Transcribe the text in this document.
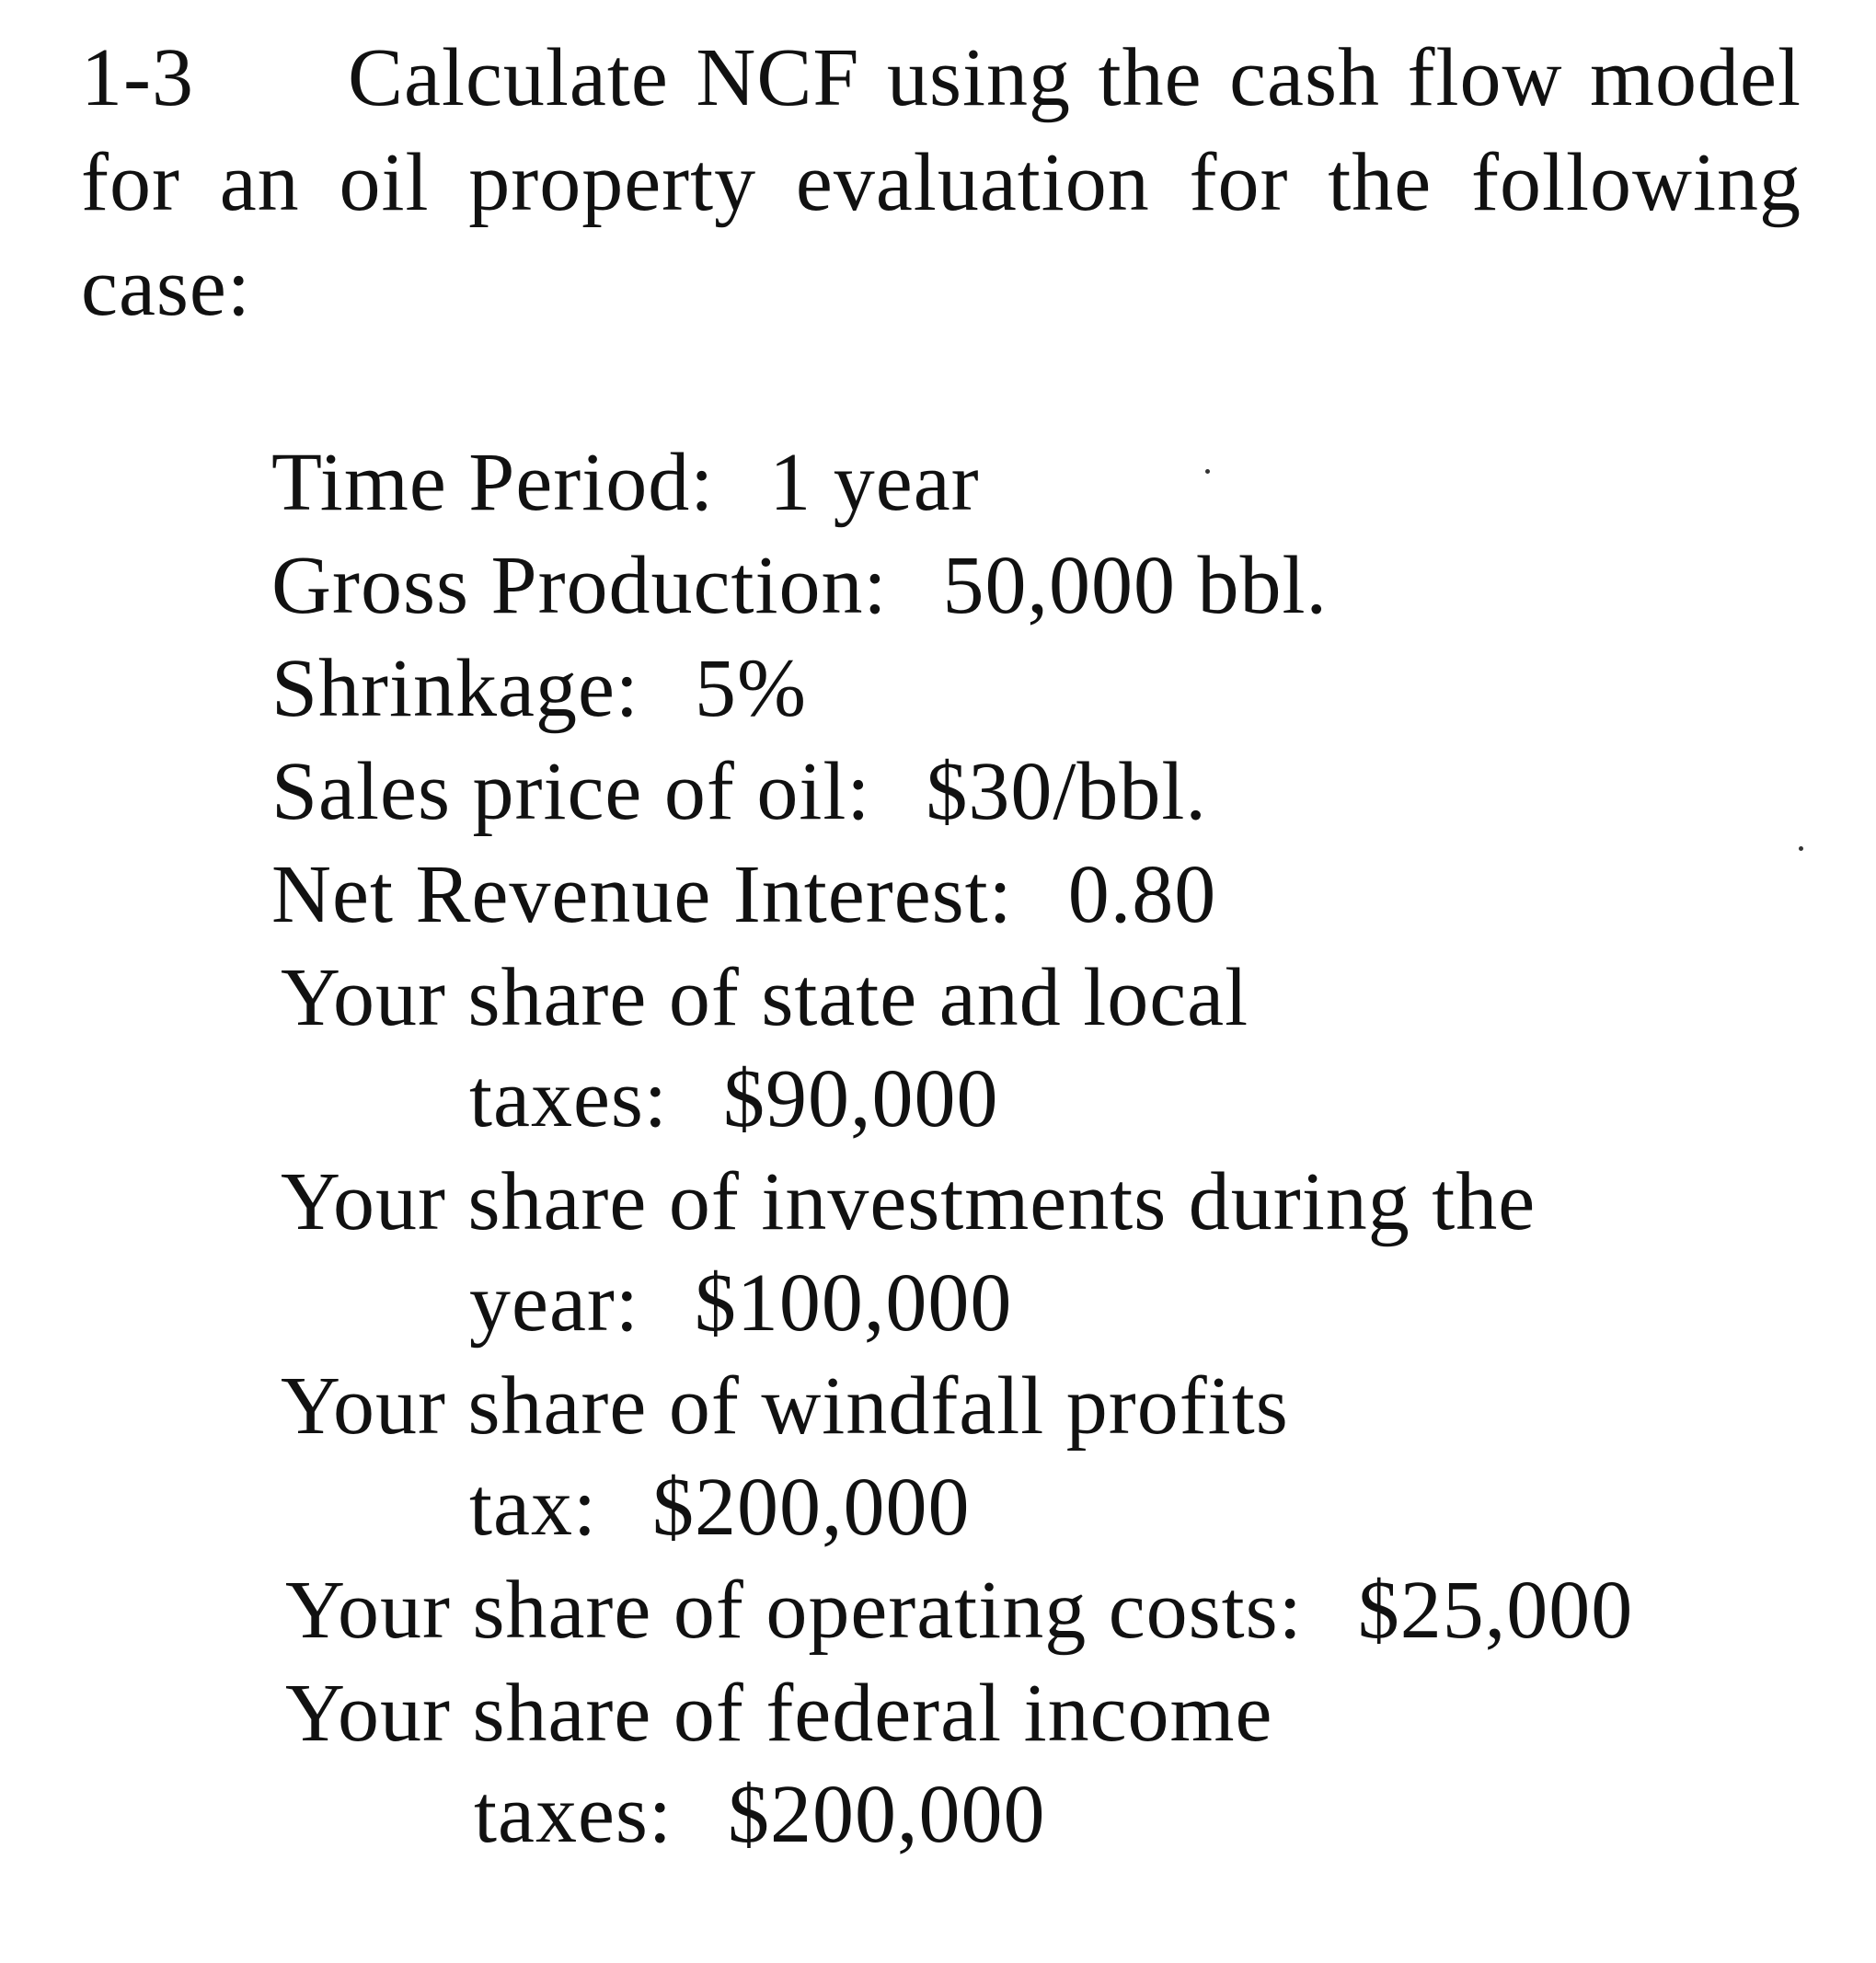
1-3 Calculate NCF using the cash flow model
for an oil property evaluation for the following
case:
Time Period: 1 year
Gross Production: 50,000 bbl.
Shrinkage: 5%
Sales price of oil: $30/bbl.
Net Revenue Interest: 0.80
Your share of state and local
taxes: $90,000
Your share of investments during the
year: $100,000
Your share of windfall profits
tax: $200,000
Your share of operating costs: $25,000
Your share of federal income
taxes: $200,000
